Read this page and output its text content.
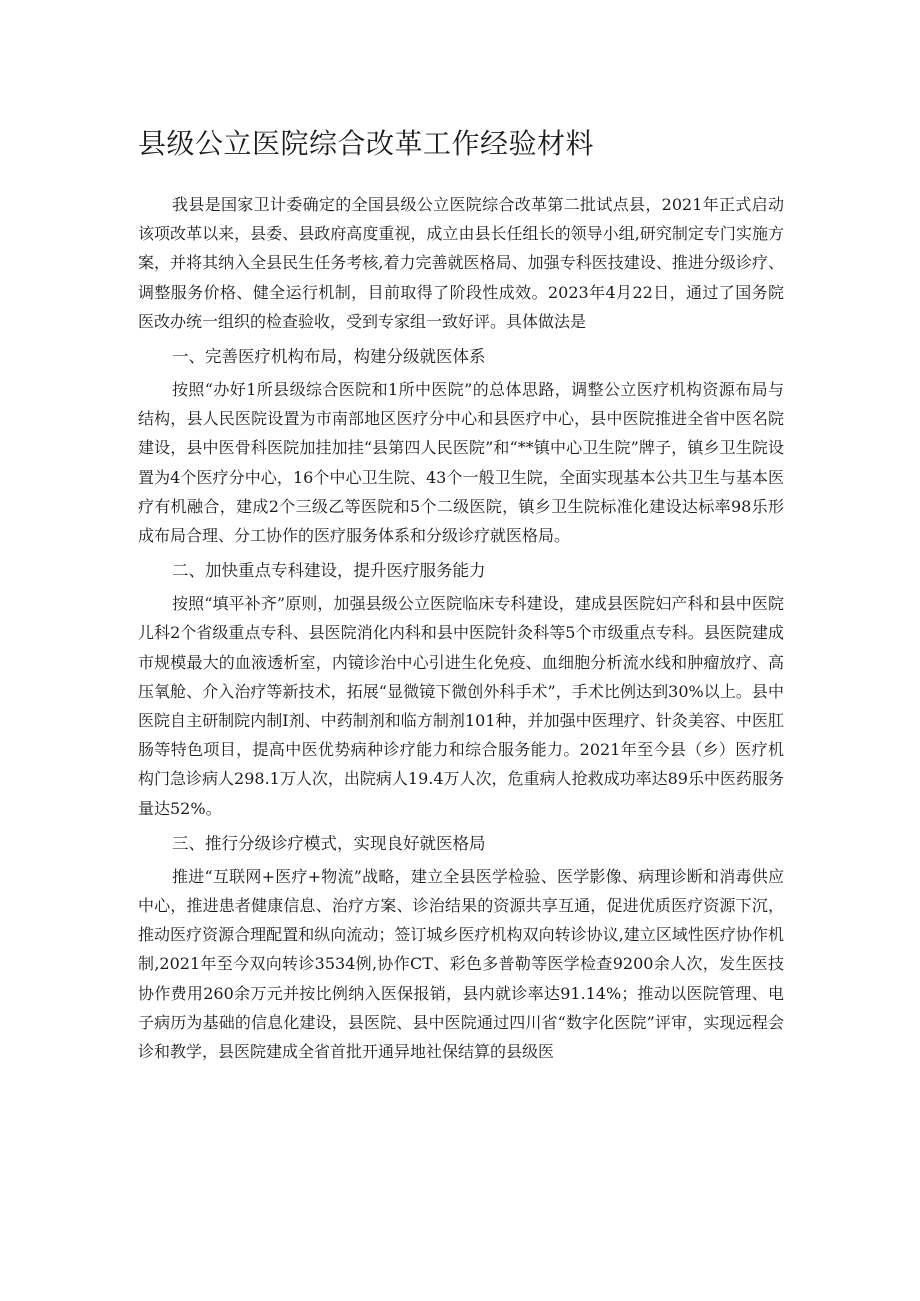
县级公立医院综合改革工作经验材料

我县是国家卫计委确定的全国县级公立医院综合改革第二批试点县，2021年正式启动该项改革以来，县委、县政府高度重视，成立由县长任组长的领导小组,研究制定专门实施方案，并将其纳入全县民生任务考核,着力完善就医格局、加强专科医技建设、推进分级诊疗、调整服务价格、健全运行机制，目前取得了阶段性成效。2023年4月22日，通过了国务院医改办统一组织的检查验收，受到专家组一致好评。具体做法是

一、完善医疗机构布局，构建分级就医体系

按照“办好1所县级综合医院和1所中医院”的总体思路，调整公立医疗机构资源布局与结构，县人民医院设置为市南部地区医疗分中心和县医疗中心，县中医院推进全省中医名院建设，县中医骨科医院加挂加挂“县第四人民医院”和“**镇中心卫生院”牌子，镇乡卫生院设置为4个医疗分中心，16个中心卫生院、43个一般卫生院，全面实现基本公共卫生与基本医疗有机融合，建成2个三级乙等医院和5个二级医院，镇乡卫生院标准化建设达标率98乐形成布局合理、分工协作的医疗服务体系和分级诊疗就医格局。

二、加快重点专科建设，提升医疗服务能力

按照“填平补齐”原则，加强县级公立医院临床专科建设，建成县医院妇产科和县中医院儿科2个省级重点专科、县医院消化内科和县中医院针灸科等5个市级重点专科。县医院建成市规模最大的血液透析室，内镜诊治中心引进生化免疫、血细胞分析流水线和肿瘤放疗、高压氧舱、介入治疗等新技术，拓展“显微镜下微创外科手术”，手术比例达到30%以上。县中医院自主研制院内制I剂、中药制剂和临方制剂101种，并加强中医理疗、针灸美容、中医肛肠等特色项目，提高中医优势病种诊疗能力和综合服务能力。2021年至今县（乡）医疗机构门急诊病人298.1万人次，出院病人19.4万人次，危重病人抢救成功率达89乐中医药服务量达52%。

三、推行分级诊疗模式，实现良好就医格局

推进“互联网+医疗+物流”战略，建立全县医学检验、医学影像、病理诊断和消毒供应中心，推进患者健康信息、治疗方案、诊治结果的资源共享互通，促进优质医疗资源下沉，推动医疗资源合理配置和纵向流动；签订城乡医疗机构双向转诊协议,建立区域性医疗协作机制,2021年至今双向转诊3534例,协作CT、彩色多普勒等医学检查9200余人次，发生医技协作费用260余万元并按比例纳入医保报销，县内就诊率达91.14%；推动以医院管理、电子病历为基础的信息化建设，县医院、县中医院通过四川省“数字化医院”评审，实现远程会诊和教学，县医院建成全省首批开通异地社保结算的县级医
